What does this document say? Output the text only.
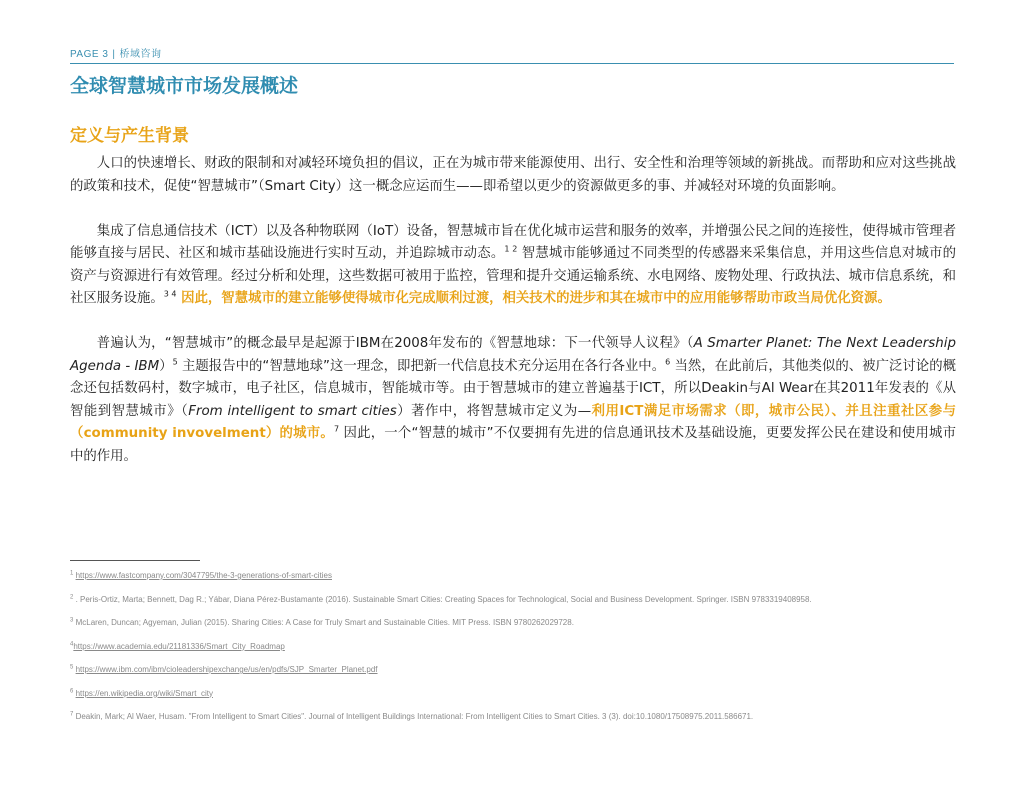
PAGE 3 | 桥域咨询
全球智慧城市市场发展概述
定义与产生背景

人口的快速增长、财政的限制和对减轻环境负担的倡议，正在为城市带来能源使用、出行、安全性和治理等领域的新挑战。而帮助和应对这些挑战的政策和技术，促使“智慧城市”（Smart City）这一概念应运而生——即希望以更少的资源做更多的事、并减轻对环境的负面影响。

集成了信息通信技术（ICT）以及各种物联网（IoT）设备，智慧城市旨在优化城市运营和服务的效率，并增强公民之间的连接性，使得城市管理者能够直接与居民、社区和城市基础设施进行实时互动，并追踪城市动态。$^{1 2}$ 智慧城市能够通过不同类型的传感器来采集信息，并用这些信息对城市的资产与资源进行有效管理。经过分析和处理，这些数据可被用于监控，管理和提升交通运输系统、水电网络、废物处理、行政执法、城市信息系统，和社区服务设施。$^{3 4}$ 因此，智慧城市的建立能够使得城市化完成顺利过渡，相关技术的进步和其在城市中的应用能够帮助市政当局优化资源。

普遍认为，“智慧城市”的概念最早是起源于IBM在2008年发布的《智慧地球：下一代领导人议程》（A Smarter Planet: The Next Leadership Agenda - IBM）$^5$ 主题报告中的“智慧地球”这一理念，即把新一代信息技术充分运用在各行各业中。$^6$ 当然，在此前后，其他类似的、被广泛讨论的概念还包括数码村，数字城市，电子社区，信息城市，智能城市等。由于智慧城市的建立普遍基于ICT，所以Deakin与Al Wear在其2011年发表的《从智能到智慧城市》（From intelligent to smart cities）著作中，将智慧城市定义为—利用ICT满足市场需求（即，城市公民）、并且注重社区参与（community invovelment）的城市。$^7$ 因此，一个“智慧的城市”不仅要拥有先进的信息通讯技术及基础设施，更要发挥公民在建设和使用城市中的作用。

$^1$ https://www.fastcompany.com/3047795/the-3-generations-of-smart-cities

$^2$ . Peris-Ortiz, Marta; Bennett, Dag R.; Yábar, Diana Pérez-Bustamante (2016). Sustainable Smart Cities: Creating Spaces for Technological, Social and Business Development. Springer. ISBN 9783319408958.

$^3$ McLaren, Duncan; Agyeman, Julian (2015). Sharing Cities: A Case for Truly Smart and Sustainable Cities. MIT Press. ISBN 9780262029728.

$^4$https://www.academia.edu/2118133​6/Smart_City_Roadmap

$^5$ https://www.ibm.com/ibm/cioleadershipexchange/us/en/pdfs/SJP_Smarter_Planet.pdf

$^6$ https://en.wikipedia.org/wiki/Smart_city

$^7$ Deakin, Mark; Al Waer, Husam. "From Intelligent to Smart Cities". Journal of Intelligent Buildings International: From Intelligent Cities to Smart Cities. 3 (3). doi:10.1080/17508975.2011.586671.
